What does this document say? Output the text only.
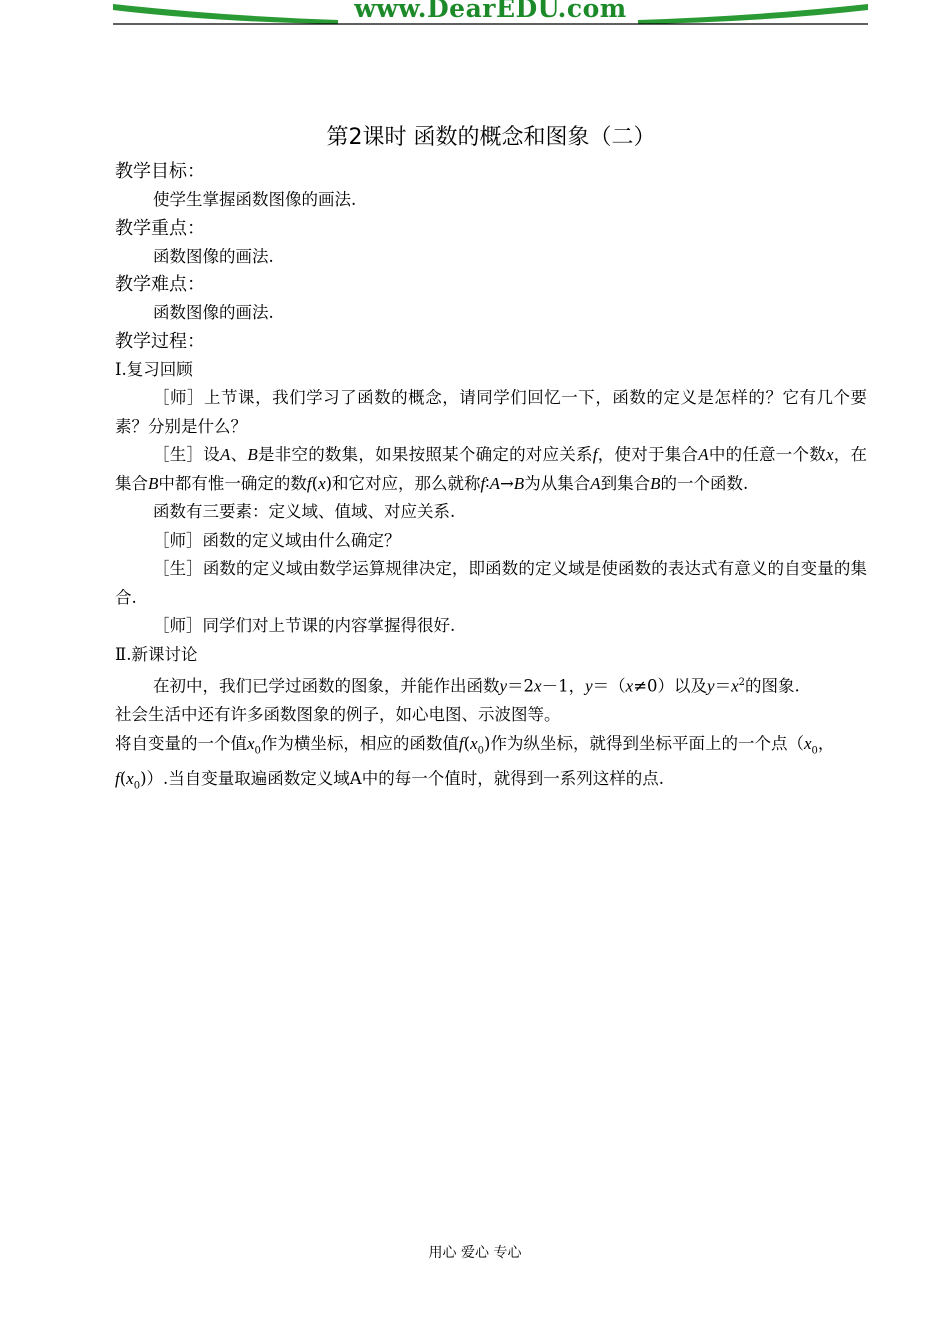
www.DearEDU.com
第2课时 函数的概念和图象（二）
教学目标：

使学生掌握函数图像的画法.

教学重点：

函数图像的画法.

教学难点：

函数图像的画法.

教学过程：

Ⅰ.复习回顾

［师］上节课，我们学习了函数的概念，请同学们回忆一下，函数的定义是怎样的？它有几个要素？分别是什么？

［生］设A、B是非空的数集，如果按照某个确定的对应关系f，使对于集合A中的任意一个数x，在集合B中都有惟一确定的数f(x)和它对应，那么就称f∶A→B为从集合A到集合B的一个函数.

函数有三要素：定义域、值域、对应关系.

［师］函数的定义域由什么确定？

［生］函数的定义域由数学运算规律决定，即函数的定义域是使函数的表达式有意义的自变量的集合.

［师］同学们对上节课的内容掌握得很好.

Ⅱ.新课讨论

在初中，我们已学过函数的图象，并能作出函数y＝2x－1，y＝（x≠0）以及$y=x^2$的图象.

社会生活中还有许多函数图象的例子，如心电图、示波图等。

将自变量的一个值$x_0$作为横坐标，相应的函数值$f(x_0)$作为纵坐标，就得到坐标平面上的一个点（$x_0$，$f(x_0)$）.当自变量取遍函数定义域A中的每一个值时，就得到一系列这样的点.

用心 爱心 专心
